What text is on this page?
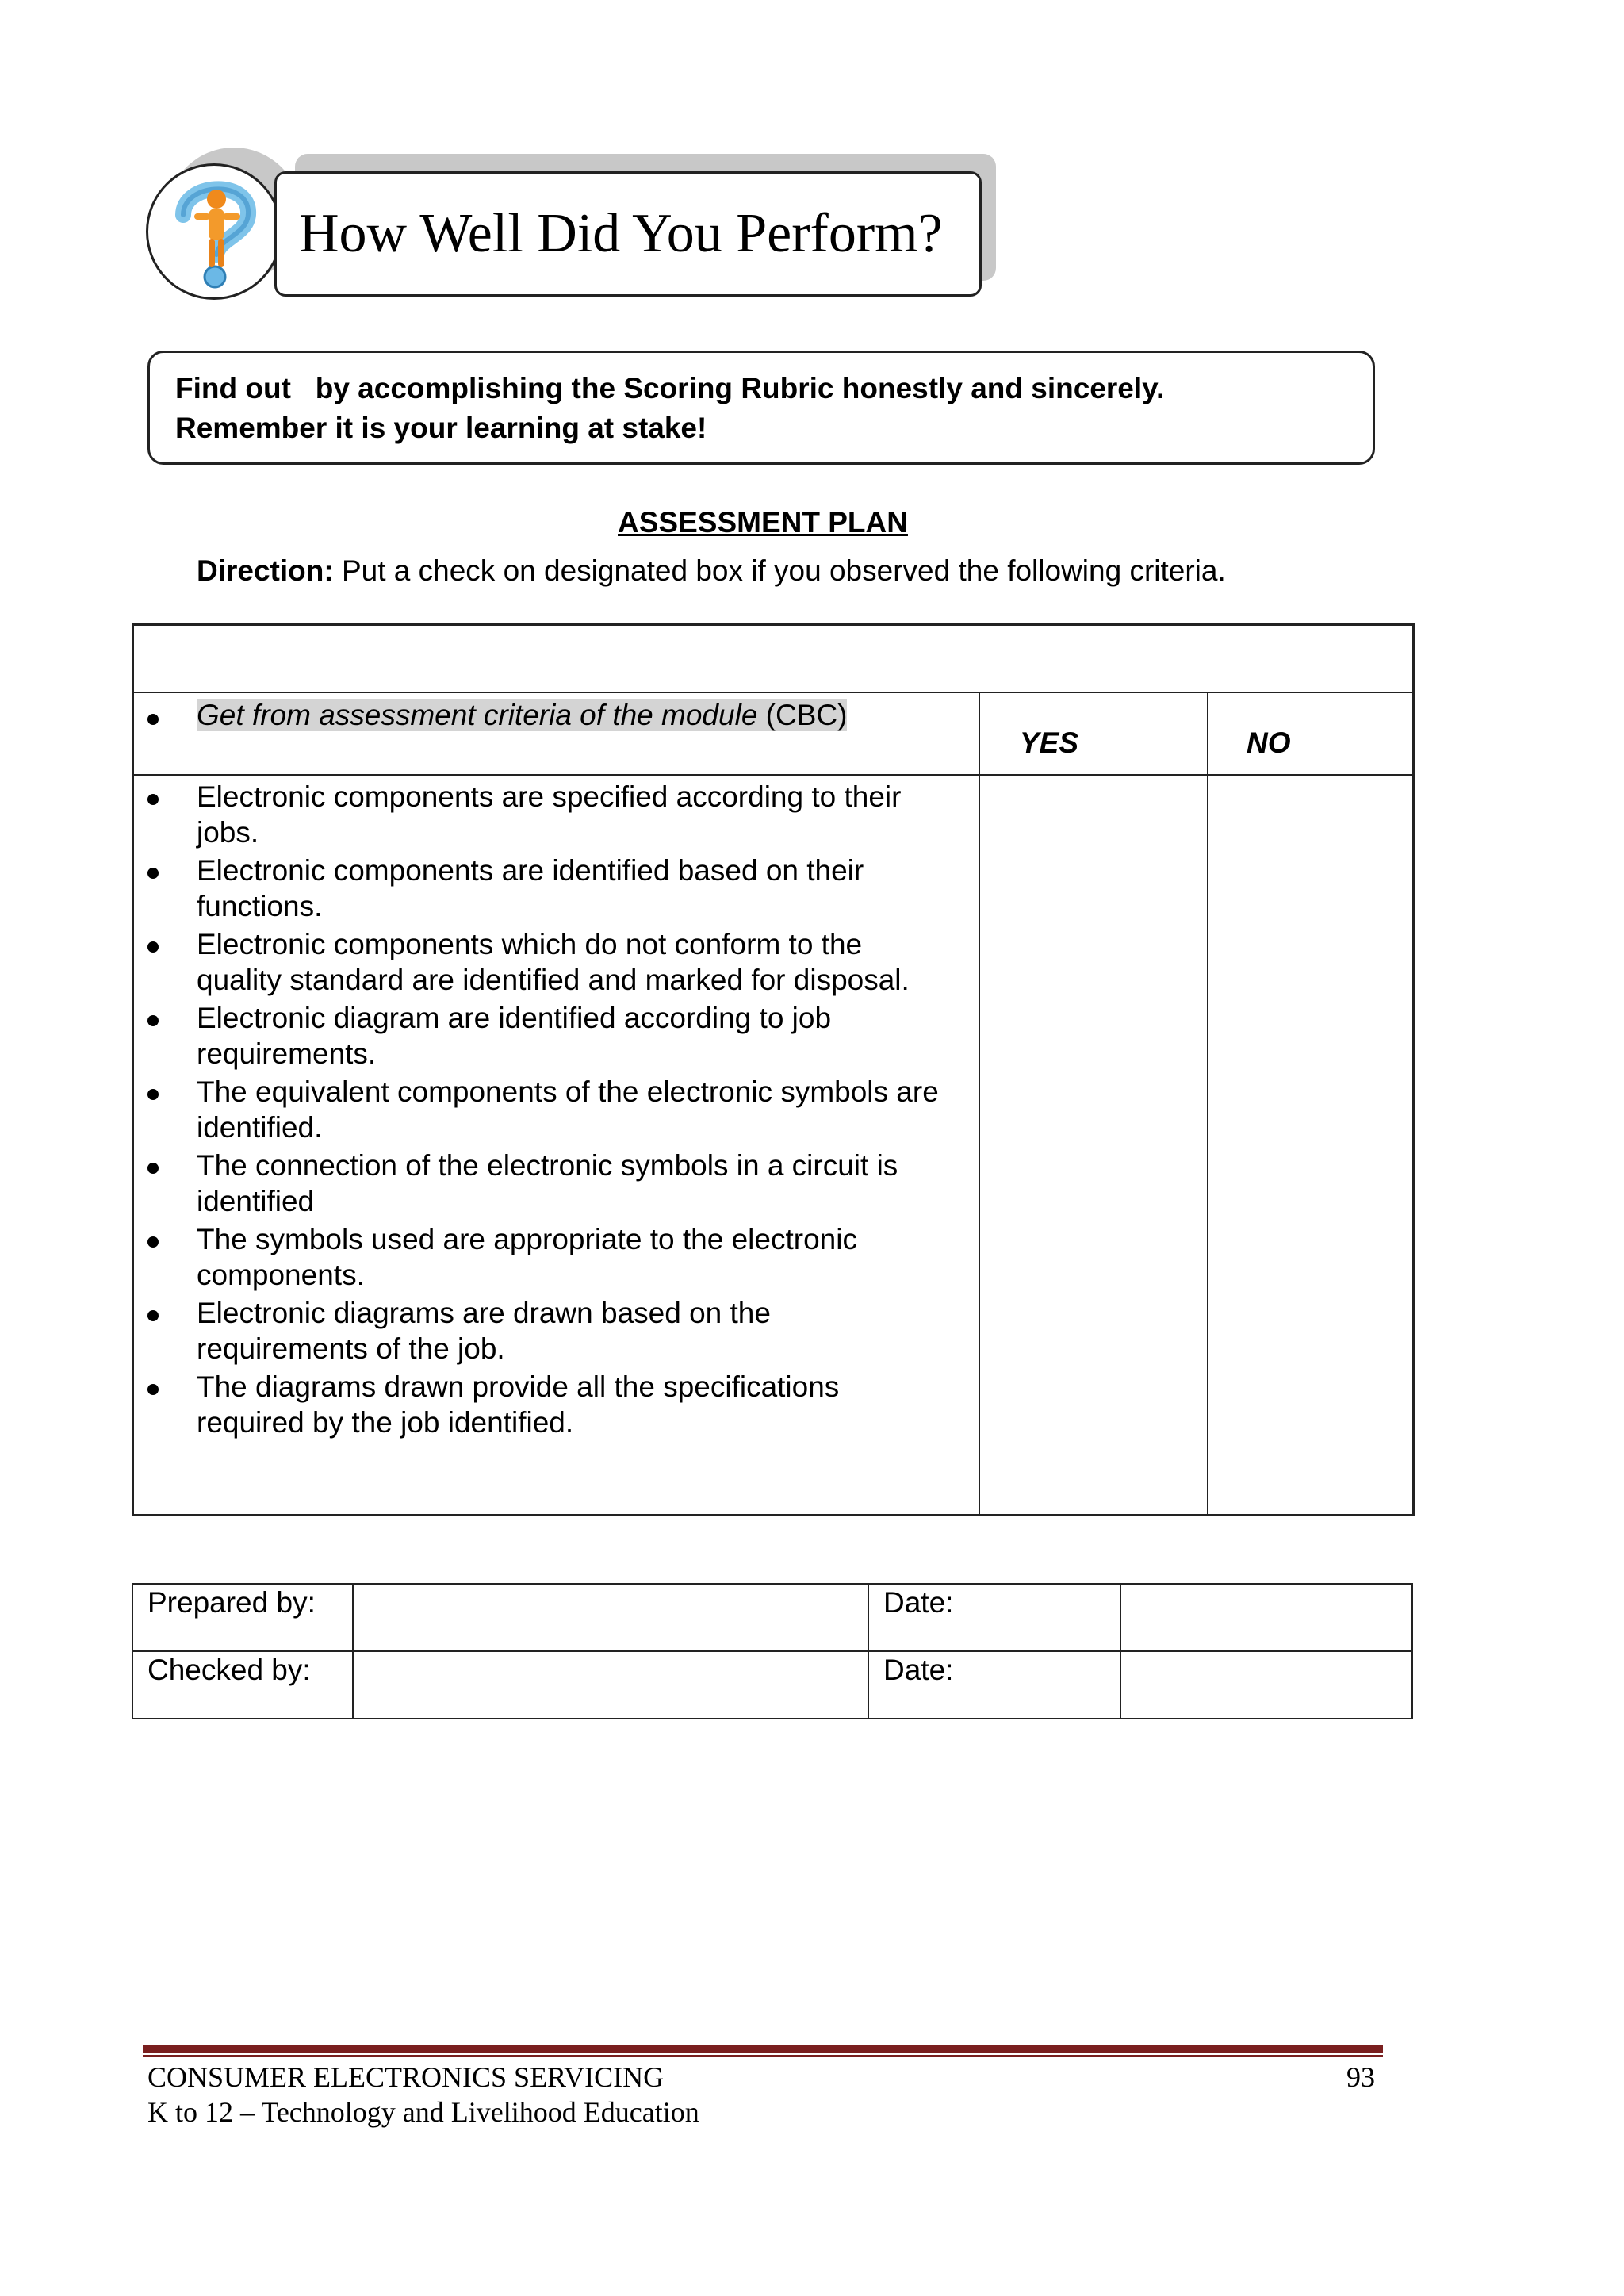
How Well Did You Perform?
Find out   by accomplishing the Scoring Rubric honestly and sincerely.
Remember it is your learning at stake!
ASSESSMENT PLAN
Direction: Put a check on designated box if you observed the following criteria.
Get from assessment criteria of the module (CBC)
YES	NO
Electronic components are specified according to their
jobs.
Electronic components are identified based on their
functions.
Electronic components which do not conform to the
quality standard are identified and marked for disposal.
Electronic diagram are identified according to job
requirements.
The equivalent components of the electronic symbols are
identified.
The connection of the electronic symbols in a circuit is
identified
The symbols used are appropriate to the electronic
components.
Electronic diagrams are drawn based on the
requirements of the job.
The diagrams drawn provide all the specifications
required by the job identified.
Prepared by:
Checked by:
Date:
Date:
CONSUMER ELECTRONICS SERVICING	93
K to 12 – Technology and Livelihood Education
